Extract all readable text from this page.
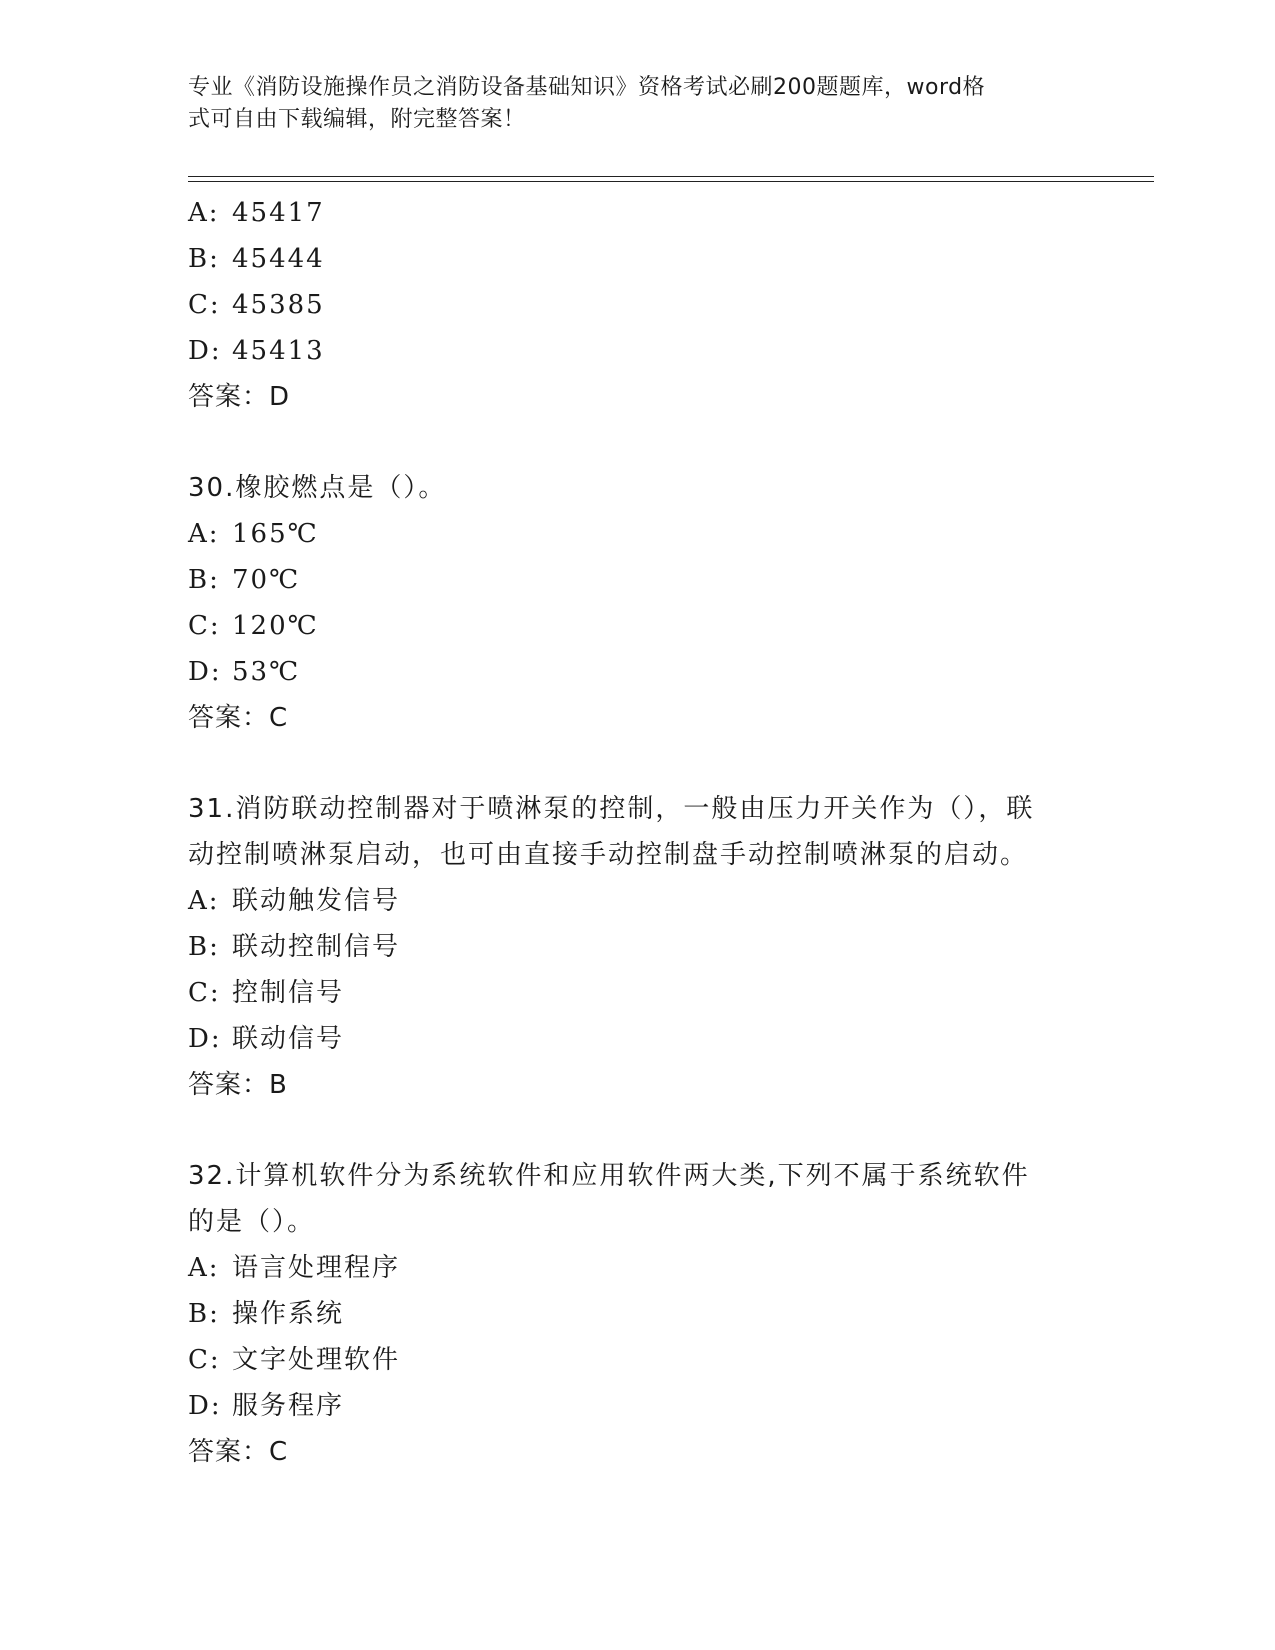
专业《消防设施操作员之消防设备基础知识》资格考试必刷200题题库，word格
式可自由下载编辑，附完整答案！
A: 45417
B: 45444
C: 45385
D: 45413
答案：D
30.橡胶燃点是（）。
A: 165℃
B: 70℃
C: 120℃
D: 53℃
答案：C
31.消防联动控制器对于喷淋泵的控制，一般由压力开关作为（），联
动控制喷淋泵启动，也可由直接手动控制盘手动控制喷淋泵的启动。
A: 联动触发信号
B: 联动控制信号
C: 控制信号
D: 联动信号
答案：B
32.计算机软件分为系统软件和应用软件两大类,下列不属于系统软件
的是（）。
A: 语言处理程序
B: 操作系统
C: 文字处理软件
D: 服务程序
答案：C
